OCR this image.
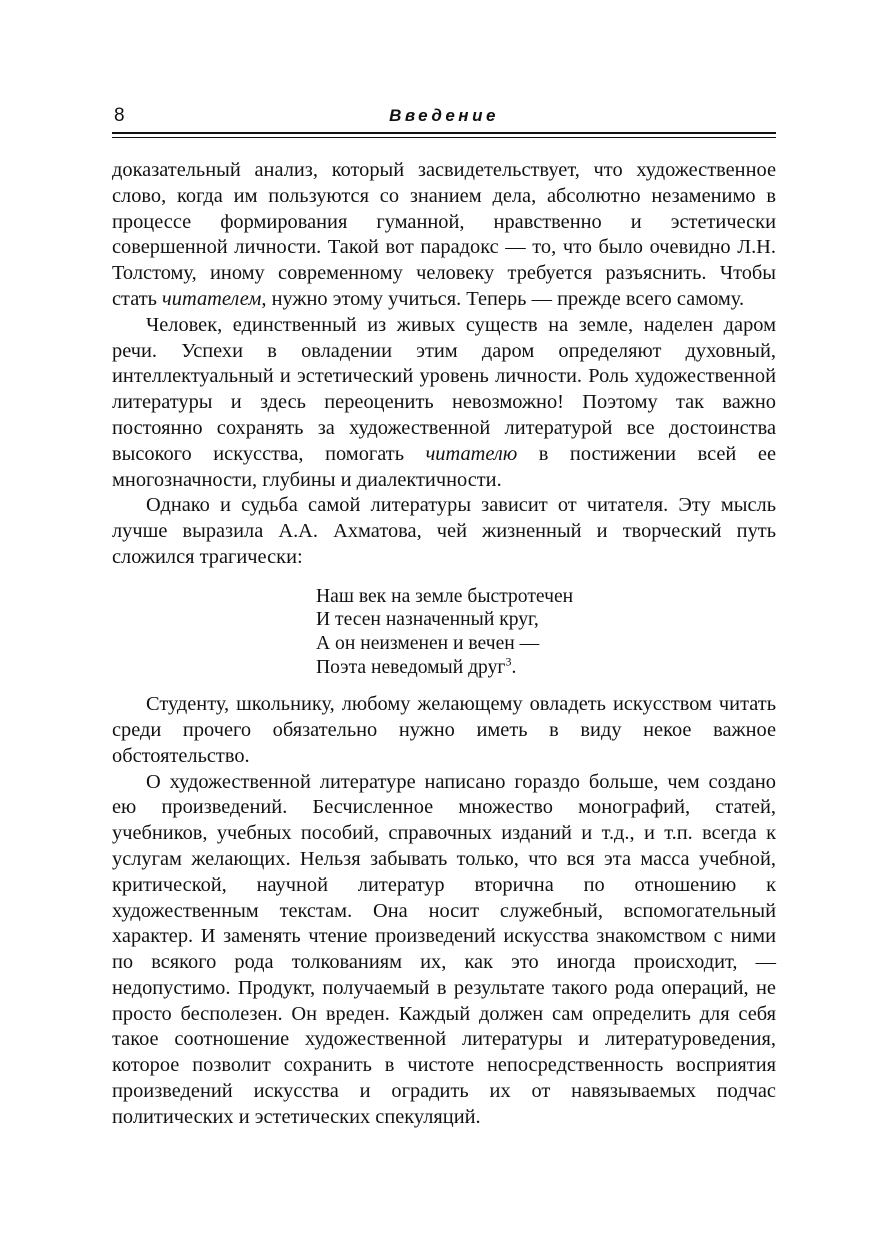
8	Введение

доказательный анализ, который засвидетельствует, что художественное слово, когда им пользуются со знанием дела, абсолютно незаменимо в процессе формирования гуманной, нравственно и эстетически совершенной личности. Такой вот парадокс — то, что было очевидно Л.Н. Толстому, иному современному человеку требуется разъяснить. Чтобы стать читателем, нужно этому учиться. Теперь — прежде всего самому.

Человек, единственный из живых существ на земле, наделен даром речи. Успехи в овладении этим даром определяют духовный, интеллектуальный и эстетический уровень личности. Роль художественной литературы и здесь переоценить невозможно! Поэтому так важно постоянно сохранять за художественной литературой все достоинства высокого искусства, помогать читателю в постижении всей ее многозначности, глубины и диалектичности.

Однако и судьба самой литературы зависит от читателя. Эту мысль лучше выразила А.А. Ахматова, чей жизненный и творческий путь сложился трагически:

Наш век на земле быстротечен
И тесен назначенный круг,
А он неизменен и вечен —
Поэта неведомый друг$^3$.

Студенту, школьнику, любому желающему овладеть искусством читать среди прочего обязательно нужно иметь в виду некое важное обстоятельство.

О художественной литературе написано гораздо больше, чем создано ею произведений. Бесчисленное множество монографий, статей, учебников, учебных пособий, справочных изданий и т.д., и т.п. всегда к услугам желающих. Нельзя забывать только, что вся эта масса учебной, критической, научной литератур вторична по отношению к художественным текстам. Она носит служебный, вспомогательный характер. И заменять чтение произведений искусства знакомством с ними по всякого рода толкованиям их, как это иногда происходит, — недопустимо. Продукт, получаемый в результате такого рода операций, не просто бесполезен. Он вреден. Каждый должен сам определить для себя такое соотношение художественной литературы и литературоведения, которое позволит сохранить в чистоте непосредственность восприятия произведений искусства и оградить их от навязываемых подчас политических и эстетических спекуляций.
